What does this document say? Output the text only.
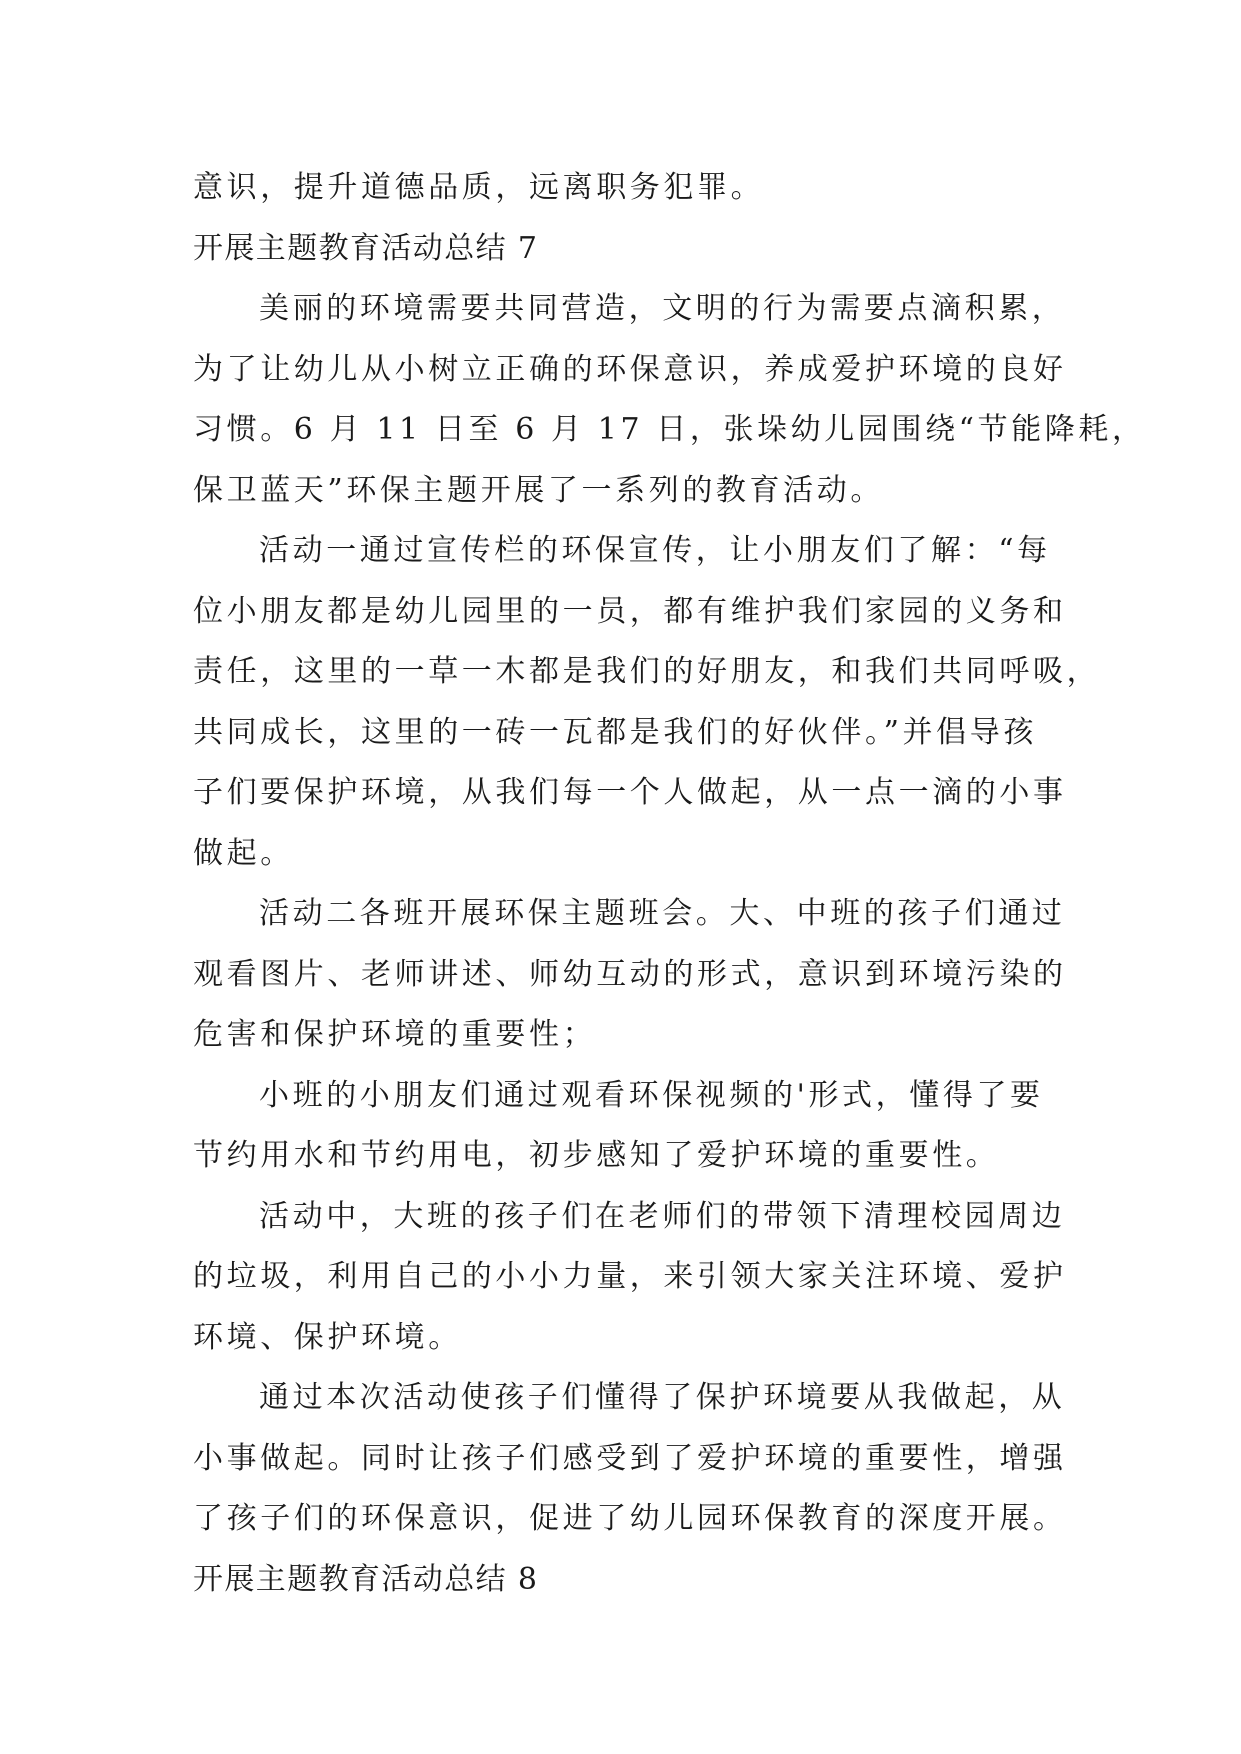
意识，提升道德品质，远离职务犯罪。
开展主题教育活动总结 7
美丽的环境需要共同营造，文明的行为需要点滴积累，
为了让幼儿从小树立正确的环保意识，养成爱护环境的良好
习惯。6 月 11 日至 6 月 17 日，张垛幼儿园围绕“节能降耗，
保卫蓝天”环保主题开展了一系列的教育活动。
活动一通过宣传栏的环保宣传，让小朋友们了解：“每
位小朋友都是幼儿园里的一员，都有维护我们家园的义务和
责任，这里的一草一木都是我们的好朋友，和我们共同呼吸，
共同成长，这里的一砖一瓦都是我们的好伙伴。”并倡导孩
子们要保护环境，从我们每一个人做起，从一点一滴的小事
做起。
活动二各班开展环保主题班会。大、中班的孩子们通过
观看图片、老师讲述、师幼互动的形式，意识到环境污染的
危害和保护环境的重要性；
小班的小朋友们通过观看环保视频的'形式，懂得了要
节约用水和节约用电，初步感知了爱护环境的重要性。
活动中，大班的孩子们在老师们的带领下清理校园周边
的垃圾，利用自己的小小力量，来引领大家关注环境、爱护
环境、保护环境。
通过本次活动使孩子们懂得了保护环境要从我做起，从
小事做起。同时让孩子们感受到了爱护环境的重要性，增强
了孩子们的环保意识，促进了幼儿园环保教育的深度开展。
开展主题教育活动总结 8
